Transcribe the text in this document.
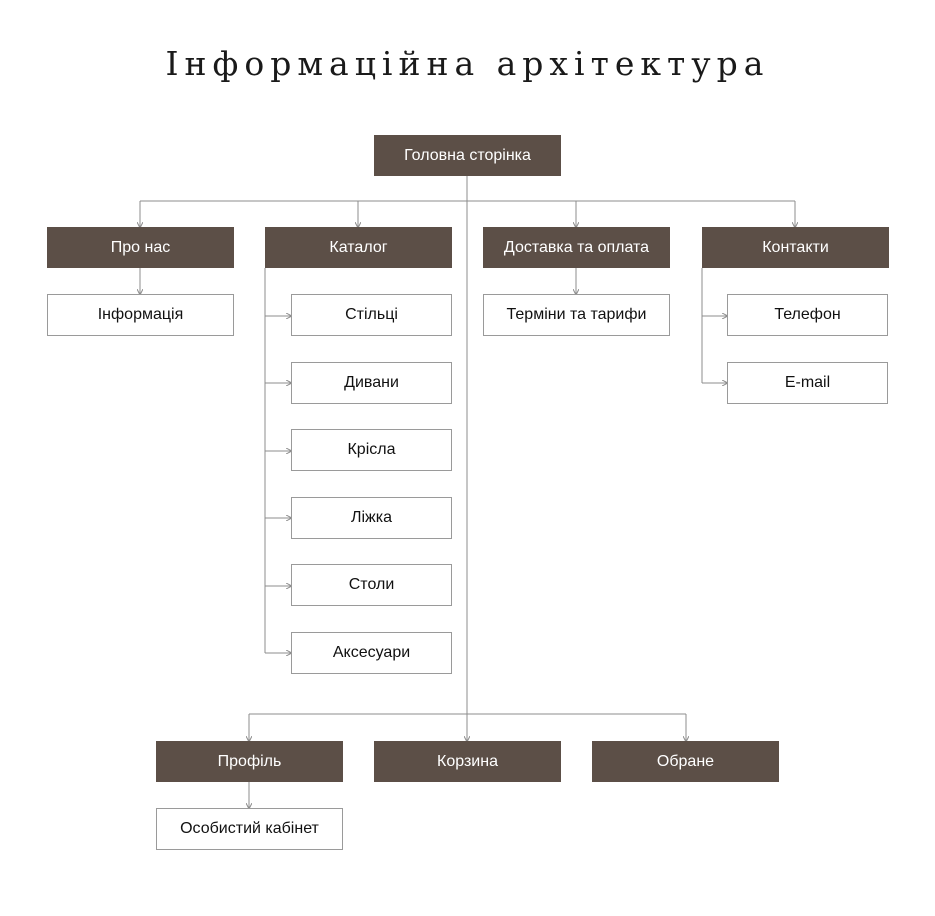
Інформаційна архітектура
Головна сторінка
Про нас	Каталог	Доставка та оплата	Контакти
Інформація	Стільці
Дивани
Крісла
Ліжка
Столи
Аксесуари
Терміни та тарифи	Телефон
E-mail
Профіль	Корзина	Обране
Особистий кабінет
